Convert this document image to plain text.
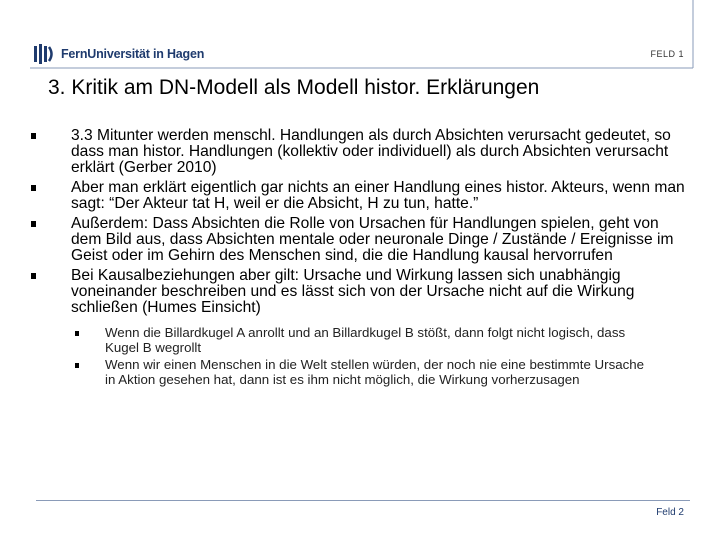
FernUniversität in Hagen	FELD 1
3. Kritik am DN-Modell als Modell histor. Erklärungen
3.3 Mitunter werden menschl. Handlungen als durch Absichten verursacht gedeutet, so dass man histor. Handlungen (kollektiv oder individuell) als durch Absichten verursacht erklärt (Gerber 2010)
Aber man erklärt eigentlich gar nichts an einer Handlung eines histor. Akteurs, wenn man sagt: “Der Akteur tat H, weil er die Absicht, H zu tun, hatte.”
Außerdem: Dass Absichten die Rolle von Ursachen für Handlungen spielen, geht von dem Bild aus, dass Absichten mentale oder neuronale Dinge / Zustände / Ereignisse im Geist oder im Gehirn des Menschen sind, die die Handlung kausal hervorrufen
Bei Kausalbeziehungen aber gilt: Ursache und Wirkung lassen sich unabhängig voneinander beschreiben und es lässt sich von der Ursache nicht auf die Wirkung schließen (Humes Einsicht)
Wenn die Billardkugel A anrollt und an Billardkugel B stößt, dann folgt nicht logisch, dass Kugel B wegrollt
Wenn wir einen Menschen in die Welt stellen würden, der noch nie eine bestimmte Ursache in Aktion gesehen hat, dann ist es ihm nicht möglich, die Wirkung vorherzusagen
Feld 2
